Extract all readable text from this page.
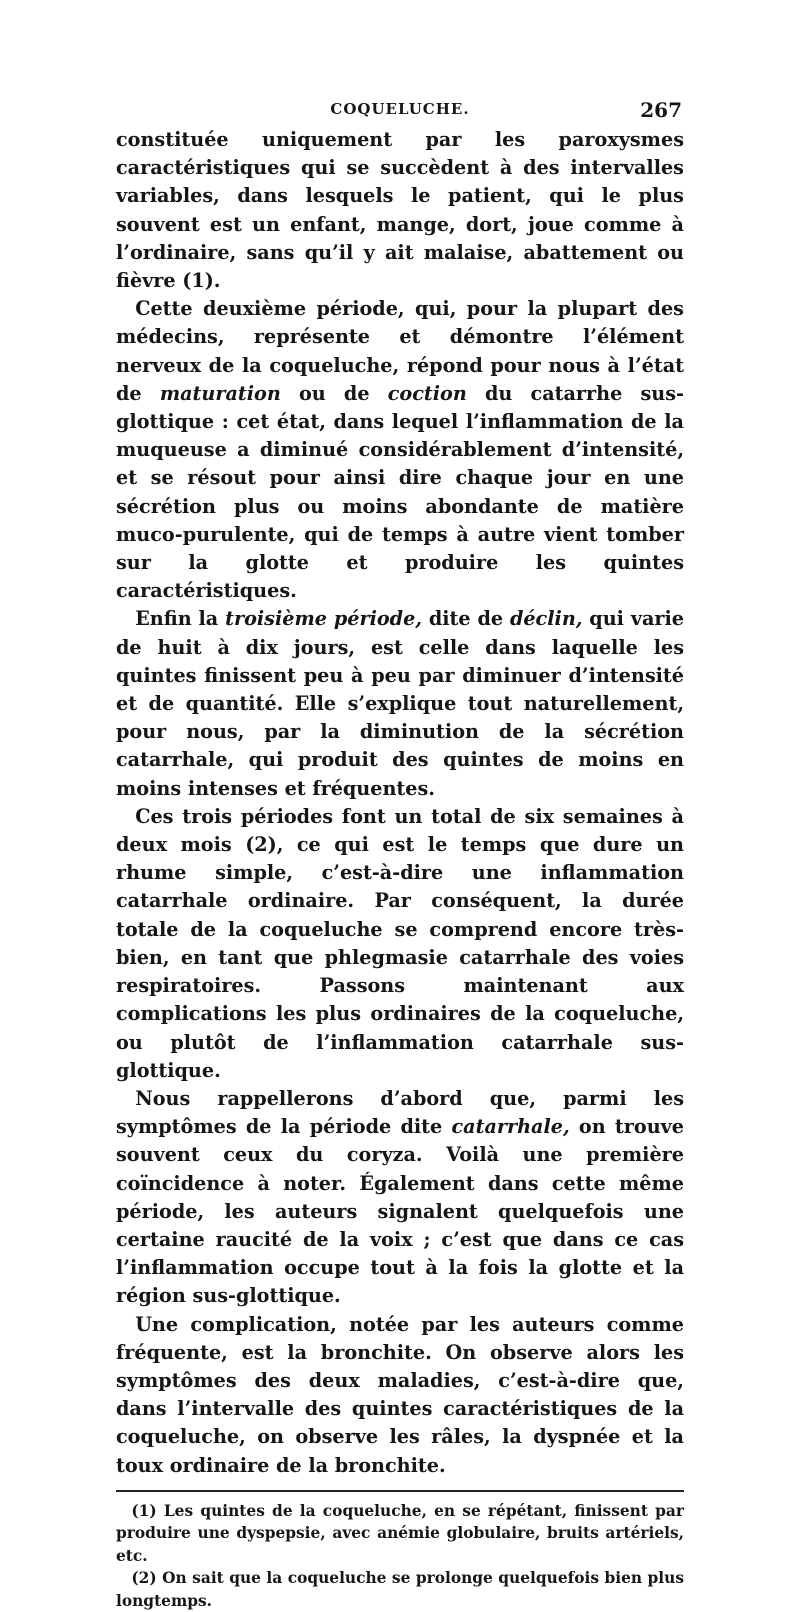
COQUELUCHE.	267

constituée uniquement par les paroxysmes caractéristiques qui se succèdent à des intervalles variables, dans lesquels le patient, qui le plus souvent est un enfant, mange, dort, joue comme à l’ordinaire, sans qu’il y ait malaise, abattement ou fièvre (1).

Cette deuxième période, qui, pour la plupart des médecins, représente et démontre l’élément nerveux de la coqueluche, répond pour nous à l’état de maturation ou de coction du catarrhe sus-glottique : cet état, dans lequel l’inflammation de la muqueuse a diminué considérablement d’intensité, et se résout pour ainsi dire chaque jour en une sécrétion plus ou moins abondante de matière muco-purulente, qui de temps à autre vient tomber sur la glotte et produire les quintes caractéristiques.

Enfin la troisième période, dite de déclin, qui varie de huit à dix jours, est celle dans laquelle les quintes finissent peu à peu par diminuer d’intensité et de quantité. Elle s’explique tout naturellement, pour nous, par la diminution de la sécrétion catarrhale, qui produit des quintes de moins en moins intenses et fréquentes.

Ces trois périodes font un total de six semaines à deux mois (2), ce qui est le temps que dure un rhume simple, c’est-à-dire une inflammation catarrhale ordinaire. Par conséquent, la durée totale de la coqueluche se comprend encore très-bien, en tant que phlegmasie catarrhale des voies respiratoires. Passons maintenant aux complications les plus ordinaires de la coqueluche, ou plutôt de l’inflammation catarrhale sus-glottique.

Nous rappellerons d’abord que, parmi les symptômes de la période dite catarrhale, on trouve souvent ceux du coryza. Voilà une première coïncidence à noter. Également dans cette même période, les auteurs signalent quelquefois une certaine raucité de la voix ; c’est que dans ce cas l’inflammation occupe tout à la fois la glotte et la région sus-glottique.

Une complication, notée par les auteurs comme fréquente, est la bronchite. On observe alors les symptômes des deux maladies, c’est-à-dire que, dans l’intervalle des quintes caractéristiques de la coqueluche, on observe les râles, la dyspnée et la toux ordinaire de la bronchite.

(1) Les quintes de la coqueluche, en se répétant, finissent par produire une dyspepsie, avec anémie globulaire, bruits artériels, etc.

(2) On sait que la coqueluche se prolonge quelquefois bien plus longtemps.
